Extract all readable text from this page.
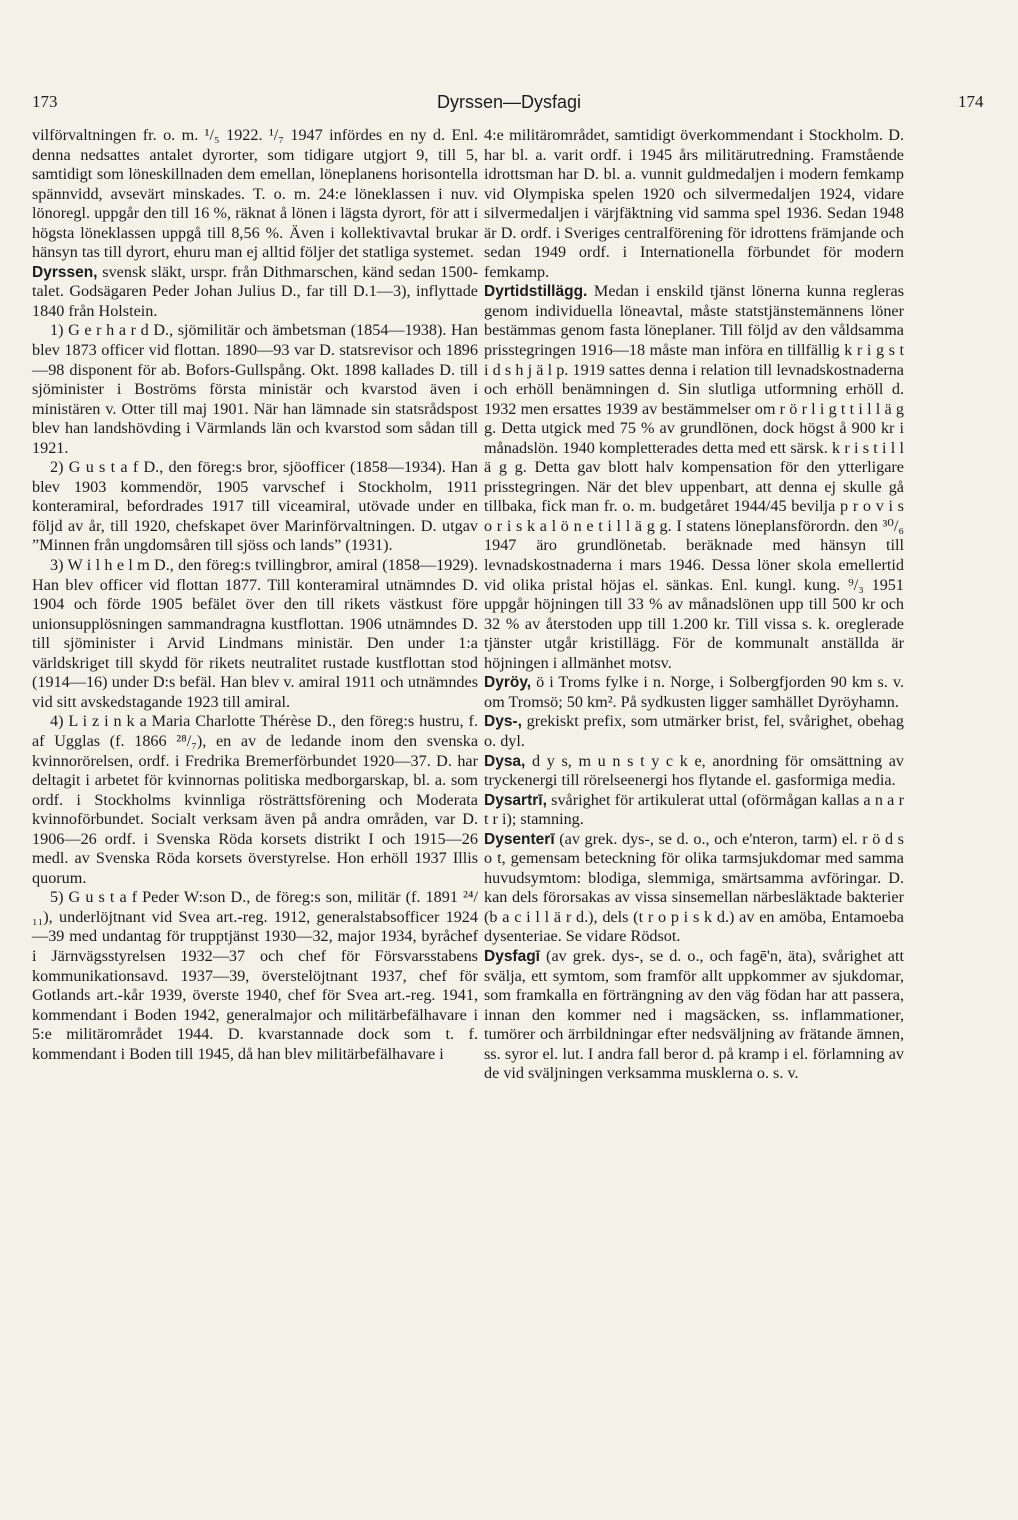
173	Dyrssen—Dysfagi	174

vilförvaltningen fr. o. m. ¹/₅ 1922. ¹/₇ 1947 infördes en ny d. Enl. denna nedsattes antalet dyrorter, som tidigare utgjort 9, till 5, samtidigt som löneskillnaden dem emellan, löneplanens horisontella spännvidd, avsevärt minskades. T. o. m. 24:e löneklassen i nuv. lönoregl. uppgår den till 16 %, räknat å lönen i lägsta dyrort, för att i högsta löneklassen uppgå till 8,56 %. Även i kollektivavtal brukar hänsyn tas till dyrort, ehuru man ej alltid följer det statliga systemet.

Dyrssen, svensk släkt, urspr. från Dithmarschen, känd sedan 1500-talet. Godsägaren Peder Johan Julius D., far till D.1—3), inflyttade 1840 från Holstein.

1) G e r h a r d D., sjömilitär och ämbetsman (1854—1938). Han blev 1873 officer vid flottan. 1890—93 var D. statsrevisor och 1896—98 disponent för ab. Bofors-Gullspång. Okt. 1898 kallades D. till sjöminister i Boströms första ministär och kvarstod även i ministären v. Otter till maj 1901. När han lämnade sin statsrådspost blev han landshövding i Värmlands län och kvarstod som sådan till 1921.

2) G u s t a f D., den föreg:s bror, sjöofficer (1858—1934). Han blev 1903 kommendör, 1905 varvschef i Stockholm, 1911 konteramiral, befordrades 1917 till viceamiral, utövade under en följd av år, till 1920, chefskapet över Marinförvaltningen. D. utgav ”Minnen från ungdomsåren till sjöss och lands” (1931).

3) W i l h e l m D., den föreg:s tvillingbror, amiral (1858—1929). Han blev officer vid flottan 1877. Till konteramiral utnämndes D. 1904 och förde 1905 befälet över den till rikets västkust före unionsupplösningen sammandragna kustflottan. 1906 utnämndes D. till sjöminister i Arvid Lindmans ministär. Den under 1:a världskriget till skydd för rikets neutralitet rustade kustflottan stod (1914—16) under D:s befäl. Han blev v. amiral 1911 och utnämndes vid sitt avskedstagande 1923 till amiral.

4) L i z i n k a Maria Charlotte Thérèse D., den föreg:s hustru, f. af Ugglas (f. 1866 ²⁸/₇), en av de ledande inom den svenska kvinnorörelsen, ordf. i Fredrika Bremerförbundet 1920—37. D. har deltagit i arbetet för kvinnornas politiska medborgarskap, bl. a. som ordf. i Stockholms kvinnliga rösträttsförening och Moderata kvinnoförbundet. Socialt verksam även på andra områden, var D. 1906—26 ordf. i Svenska Röda korsets distrikt I och 1915—26 medl. av Svenska Röda korsets överstyrelse. Hon erhöll 1937 Illis quorum.

5) G u s t a f Peder W:son D., de föreg:s son, militär (f. 1891 ²⁴/₁₁), underlöjtnant vid Svea art.-reg. 1912, generalstabsofficer 1924—39 med undantag för trupptjänst 1930—32, major 1934, byråchef i Järnvägsstyrelsen 1932—37 och chef för Försvarsstabens kommunikationsavd. 1937—39, överstelöjtnant 1937, chef för Gotlands art.-kår 1939, överste 1940, chef för Svea art.-reg. 1941, kommendant i Boden 1942, generalmajor och militärbefälhavare i 5:e militärområdet 1944. D. kvarstannade dock som t. f. kommendant i Boden till 1945, då han blev militärbefälhavare i

4:e militärområdet, samtidigt överkommendant i Stockholm. D. har bl. a. varit ordf. i 1945 års militärutredning. Framstående idrottsman har D. bl. a. vunnit guldmedaljen i modern femkamp vid Olympiska spelen 1920 och silvermedaljen 1924, vidare silvermedaljen i värjfäktning vid samma spel 1936. Sedan 1948 är D. ordf. i Sveriges centralförening för idrottens främjande och sedan 1949 ordf. i Internationella förbundet för modern femkamp.

Dyrtidstillägg. Medan i enskild tjänst lönerna kunna regleras genom individuella löneavtal, måste statstjänstemännens löner bestämmas genom fasta löneplaner. Till följd av den våldsamma prisstegringen 1916—18 måste man införa en tillfällig k r i g s t i d s h j ä l p. 1919 sattes denna i relation till levnadskostnaderna och erhöll benämningen d. Sin slutliga utformning erhöll d. 1932 men ersattes 1939 av bestämmelser om r ö r l i g t t i l l ä g g. Detta utgick med 75 % av grundlönen, dock högst å 900 kr i månadslön. 1940 kompletterades detta med ett särsk. k r i s t i l l ä g g. Detta gav blott halv kompensation för den ytterligare prisstegringen. När det blev uppenbart, att denna ej skulle gå tillbaka, fick man fr. o. m. budgetåret 1944/45 bevilja p r o v i s o r i s k a l ö n e t i l l ä g g. I statens löneplansförordn. den ³⁰/₆ 1947 äro grundlönetab. beräknade med hänsyn till levnadskostnaderna i mars 1946. Dessa löner skola emellertid vid olika pristal höjas el. sänkas. Enl. kungl. kung. ⁹/₃ 1951 uppgår höjningen till 33 % av månadslönen upp till 500 kr och 32 % av återstoden upp till 1.200 kr. Till vissa s. k. oreglerade tjänster utgår kristillägg. För de kommunalt anställda är höjningen i allmänhet motsv.

Dyröy, ö i Troms fylke i n. Norge, i Solbergfjorden 90 km s. v. om Tromsö; 50 km². På sydkusten ligger samhället Dyröyhamn.

Dys-, grekiskt prefix, som utmärker brist, fel, svårighet, obehag o. dyl.

Dysa, d y s, m u n s t y c k e, anordning för omsättning av tryckenergi till rörelseenergi hos flytande el. gasformiga media.

Dysartrī, svårighet för artikulerat uttal (oförmågan kallas a n a r t r i); stamning.

Dysenterī (av grek. dys-, se d. o., och e'nteron, tarm) el. r ö d s o t, gemensam beteckning för olika tarmsjukdomar med samma huvudsymtom: blodiga, slemmiga, smärtsamma avföringar. D. kan dels förorsakas av vissa sinsemellan närbesläktade bakterier (b a c i l l ä r d.), dels (t r o p i s k d.) av en amöba, Entamoeba dysenteriae. Se vidare Rödsot.

Dysfagī (av grek. dys-, se d. o., och fagē'n, äta), svårighet att svälja, ett symtom, som framför allt uppkommer av sjukdomar, som framkalla en förträngning av den väg födan har att passera, innan den kommer ned i magsäcken, ss. inflammationer, tumörer och ärrbildningar efter nedsväljning av frätande ämnen, ss. syror el. lut. I andra fall beror d. på kramp i el. förlamning av de vid sväljningen verksamma musklerna o. s. v.
